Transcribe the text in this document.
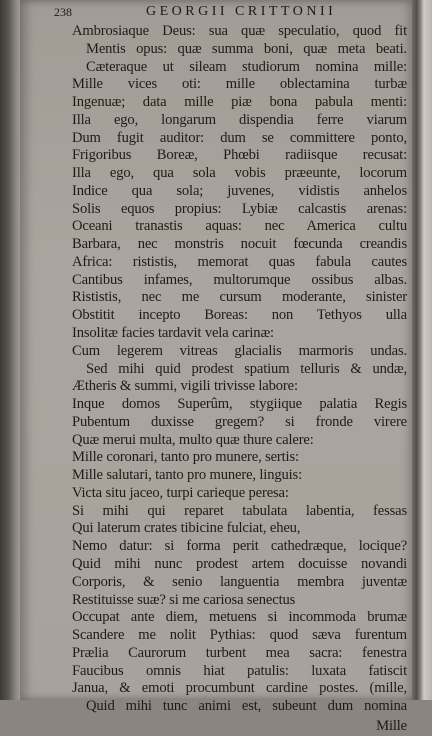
238	GEORGII CRITTONII
Ambrosiaque Deus: sua quæ speculatio, quod fit
Mentis opus: quæ summa boni, quæ meta beati.
Cæteraque ut sileam studiorum nomina mille:
Mille vices oti: mille oblectamina turbæ
Ingenuæ; data mille piæ bona pabula menti:
Illa ego, longarum dispendia ferre viarum
Dum fugit auditor: dum se committere ponto,
Frigoribus Boreæ, Phœbi radiisque recusat:
Illa ego, qua sola vobis præeunte, locorum
Indice qua sola; juvenes, vidistis anhelos
Solis equos propius: Lybiæ calcastis arenas:
Oceani tranastis aquas: nec America cultu
Barbara, nec monstris nocuit fœcunda creandis
Africa: rististis, memorat quas fabula cautes
Cantibus infames, multorumque ossibus albas.
Rististis, nec me cursum moderante, sinister
Obstitit incepto Boreas: non Tethyos ulla
Insolitæ facies tardavit vela carinæ:
Cum legerem vitreas glacialis marmoris undas.
Sed mihi quid prodest spatium telluris & undæ,
Ætheris & summi, vigili trivisse labore:
Inque domos Superûm, stygiique palatia Regis
Pubentum duxisse gregem? si fronde virere
Quæ merui multa, multo quæ thure calere:
Mille coronari, tanto pro munere, sertis:
Mille salutari, tanto pro munere, linguis:
Victa situ jaceo, turpi carieque peresa:
Si mihi qui reparet tabulata labentia, fessas
Qui laterum crates tibicine fulciat, eheu,
Nemo datur: si forma perit cathedræque, locique?
Quid mihi nunc prodest artem docuisse novandi
Corporis, & senio languentia membra juventæ
Restituisse suæ? si me cariosa senectus
Occupat ante diem, metuens si incommoda brumæ
Scandere me nolit Pythias: quod sæva furentum
Prælia Caurorum turbent mea sacra: fenestra
Faucibus omnis hiat patulis: luxata fatiscit
Janua, & emoti procumbunt cardine postes. (mille,
Quid mihi tunc animi est, subeunt dum nomina
Mille
